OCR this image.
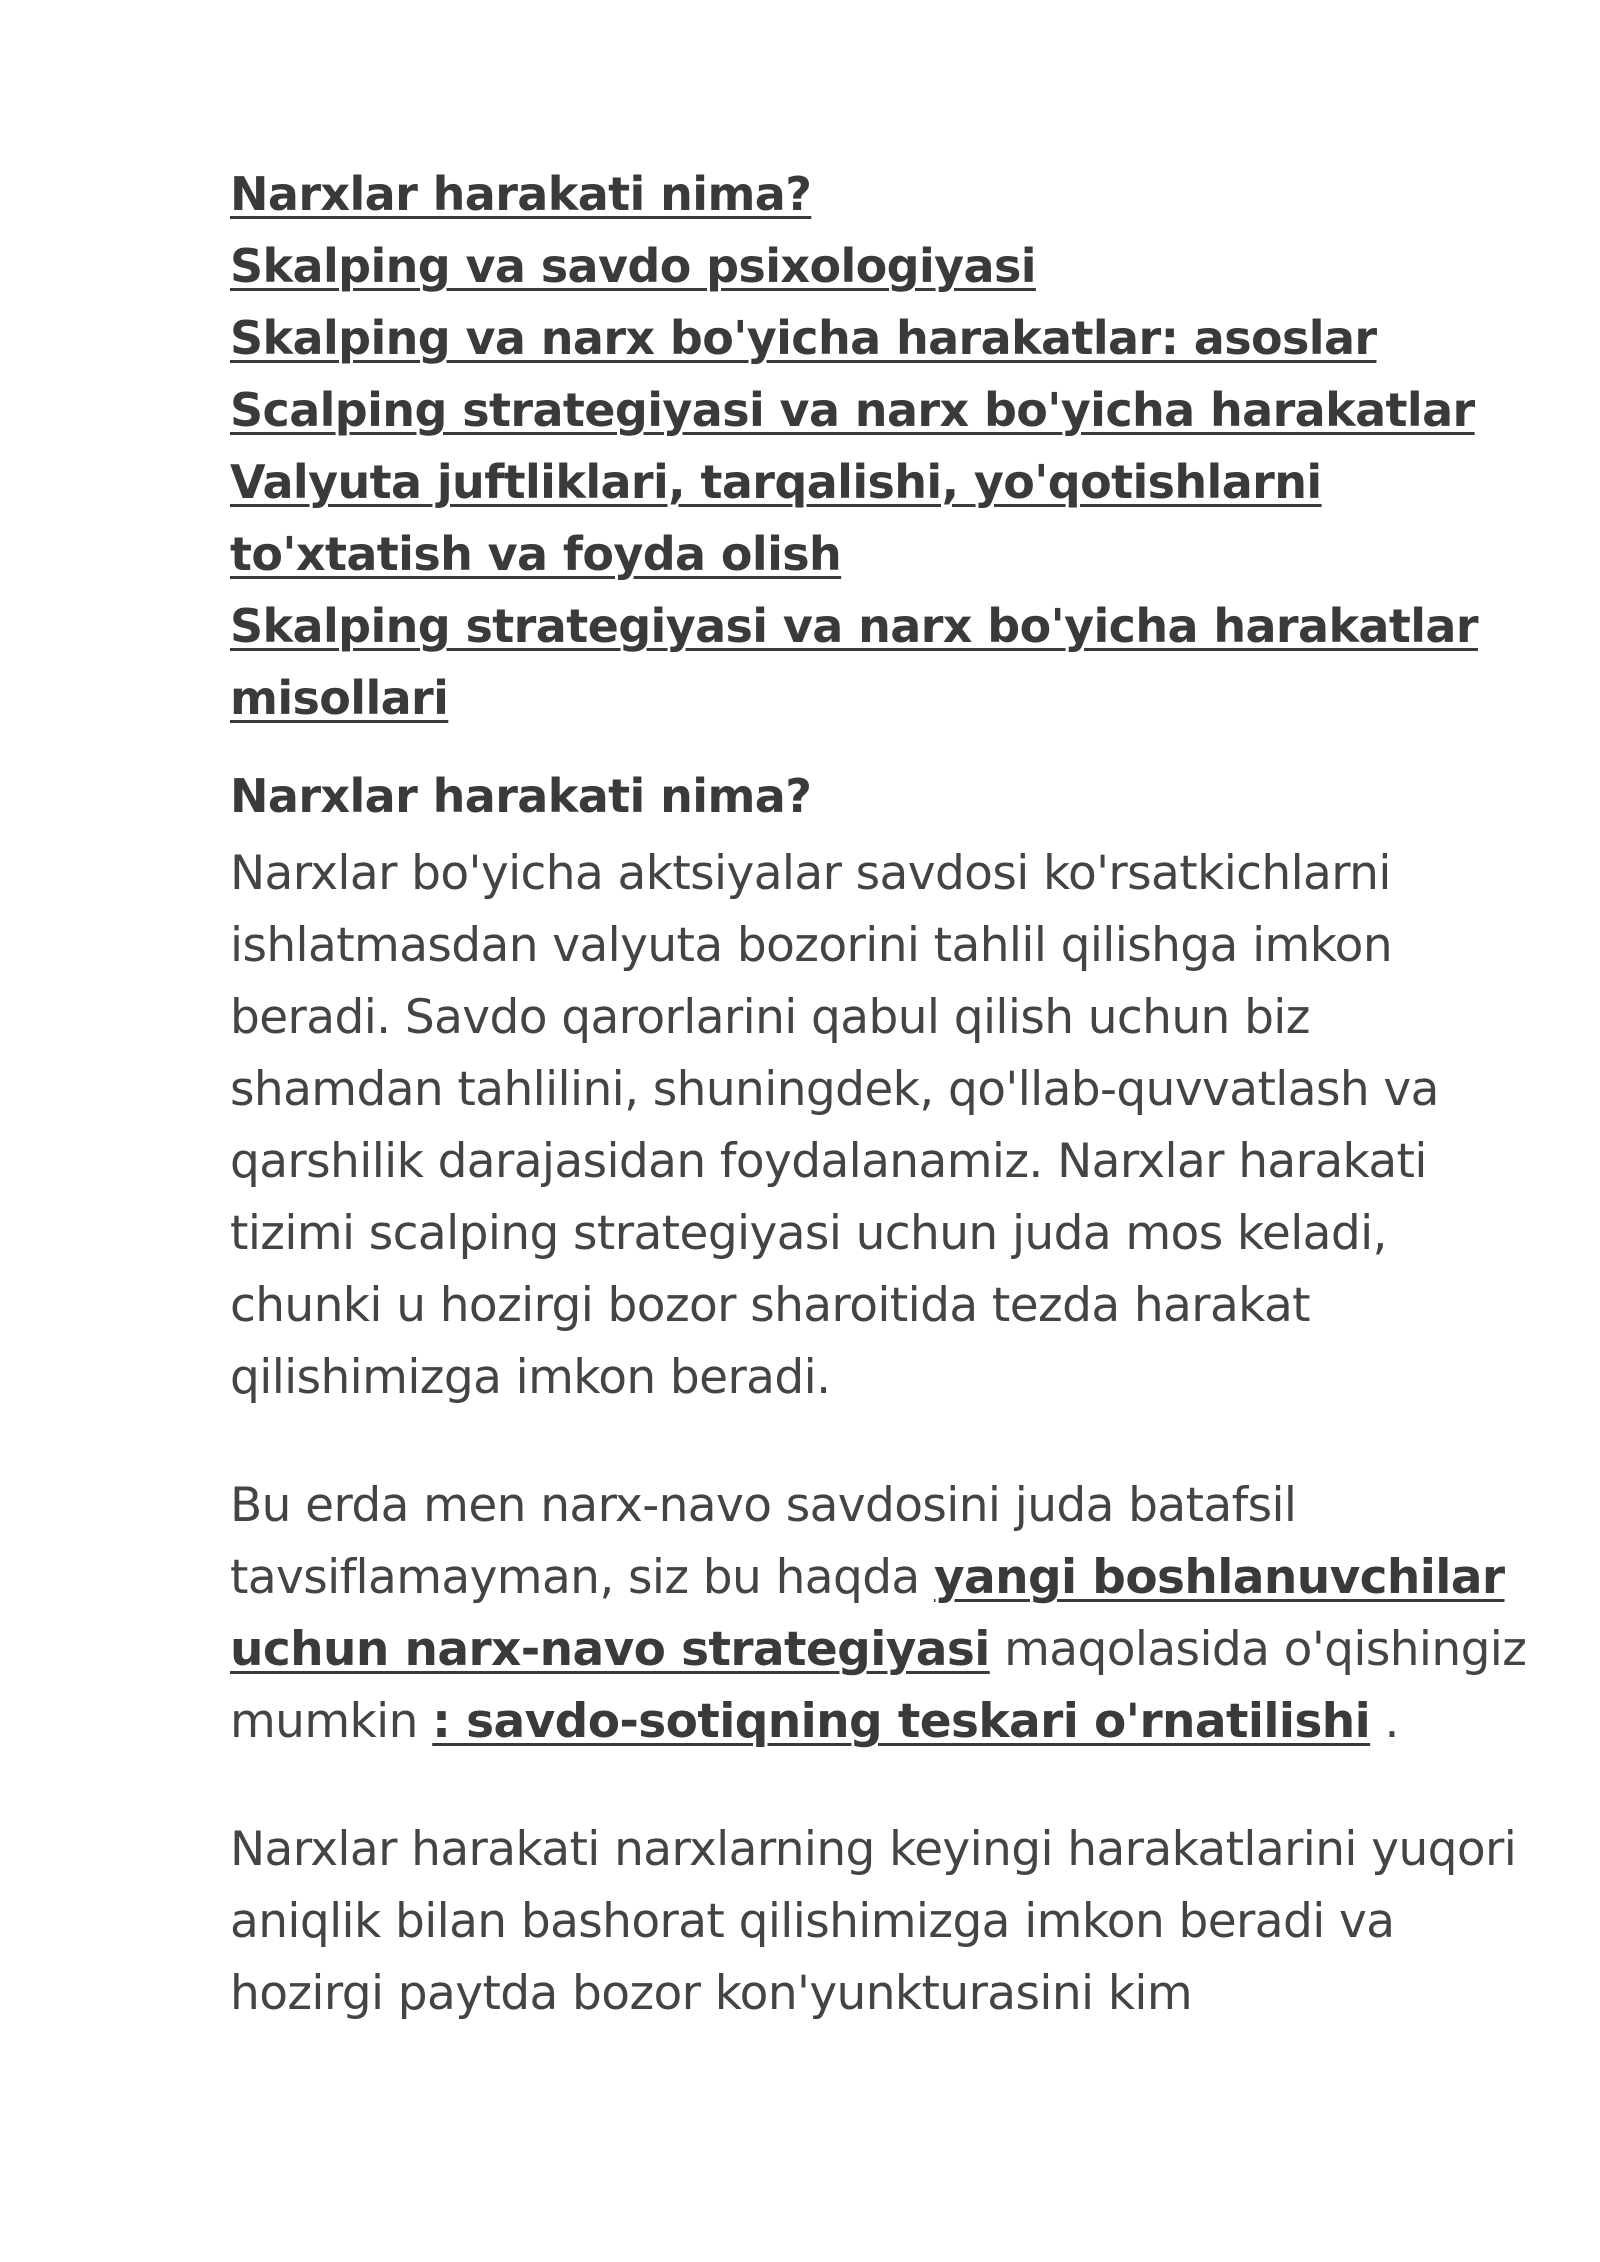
Narxlar harakati nima?
Skalping va savdo psixologiyasi
Skalping va narx bo'yicha harakatlar: asoslar
Scalping strategiyasi va narx bo'yicha harakatlar
Valyuta juftliklari, tarqalishi, yo'qotishlarni to'xtatish va foyda olish
Skalping strategiyasi va narx bo'yicha harakatlar misollari
Narxlar harakati nima?

Narxlar bo'yicha aktsiyalar savdosi ko'rsatkichlarni ishlatmasdan valyuta bozorini tahlil qilishga imkon beradi. Savdo qarorlarini qabul qilish uchun biz shamdan tahlilini, shuningdek, qo'llab-quvvatlash va qarshilik darajasidan foydalanamiz. Narxlar harakati tizimi scalping strategiyasi uchun juda mos keladi, chunki u hozirgi bozor sharoitida tezda harakat qilishimizga imkon beradi.

Bu erda men narx-navo savdosini juda batafsil tavsiflamayman, siz bu haqda yangi boshlanuvchilar uchun narx-navo strategiyasi maqolasida o'qishingiz mumkin : savdo-sotiqning teskari o'rnatilishi .

Narxlar harakati narxlarning keyingi harakatlarini yuqori aniqlik bilan bashorat qilishimizga imkon beradi va hozirgi paytda bozor kon'yunkturasini kim
